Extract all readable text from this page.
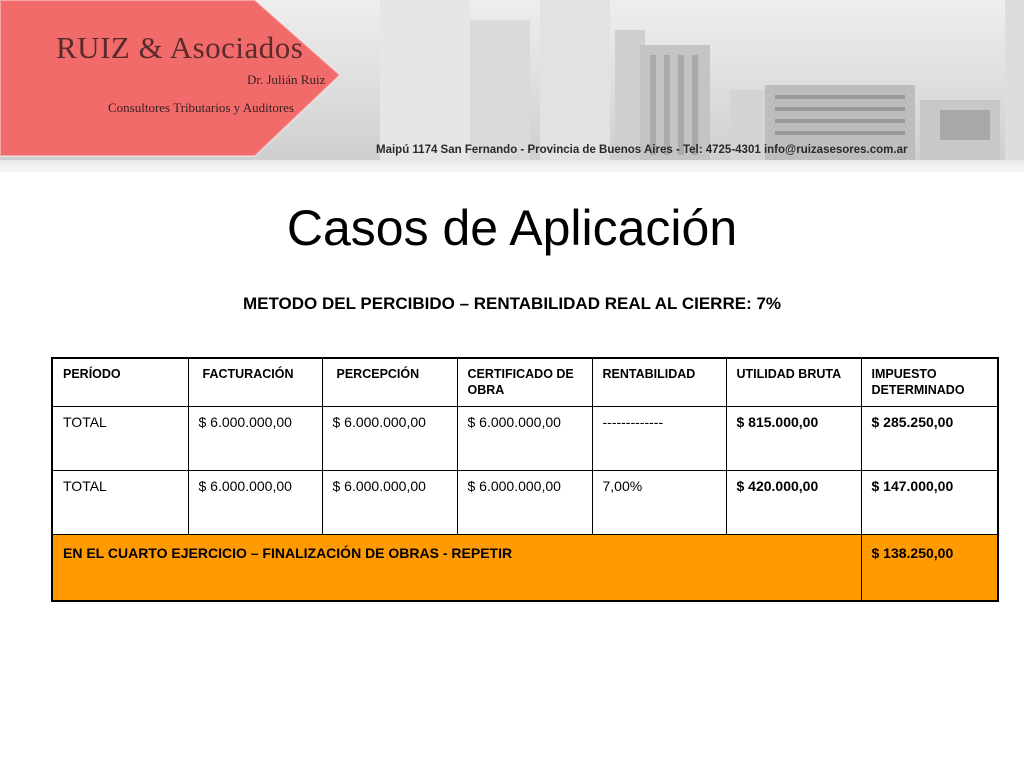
RUIZ & Asociados
Dr. Julián Ruiz
Consultores Tributarios y Auditores
Maipú 1174 San Fernando - Provincia de Buenos Aires - Tel: 4725-4301 info@ruizasesores.com.ar
Casos de Aplicación
METODO DEL PERCIBIDO – RENTABILIDAD REAL AL CIERRE: 7%
PERÍODO	FACTURACIÓN	PERCEPCIÓN	CERTIFICADO DE OBRA	RENTABILIDAD	UTILIDAD BRUTA	IMPUESTO DETERMINADO
TOTAL	$ 6.000.000,00	$ 6.000.000,00	$ 6.000.000,00	-------------	$ 815.000,00	$ 285.250,00
TOTAL	$ 6.000.000,00	$ 6.000.000,00	$ 6.000.000,00	7,00%	$ 420.000,00	$ 147.000,00
EN EL CUARTO EJERCICIO – FINALIZACIÓN DE OBRAS - REPETIR						$ 138.250,00
